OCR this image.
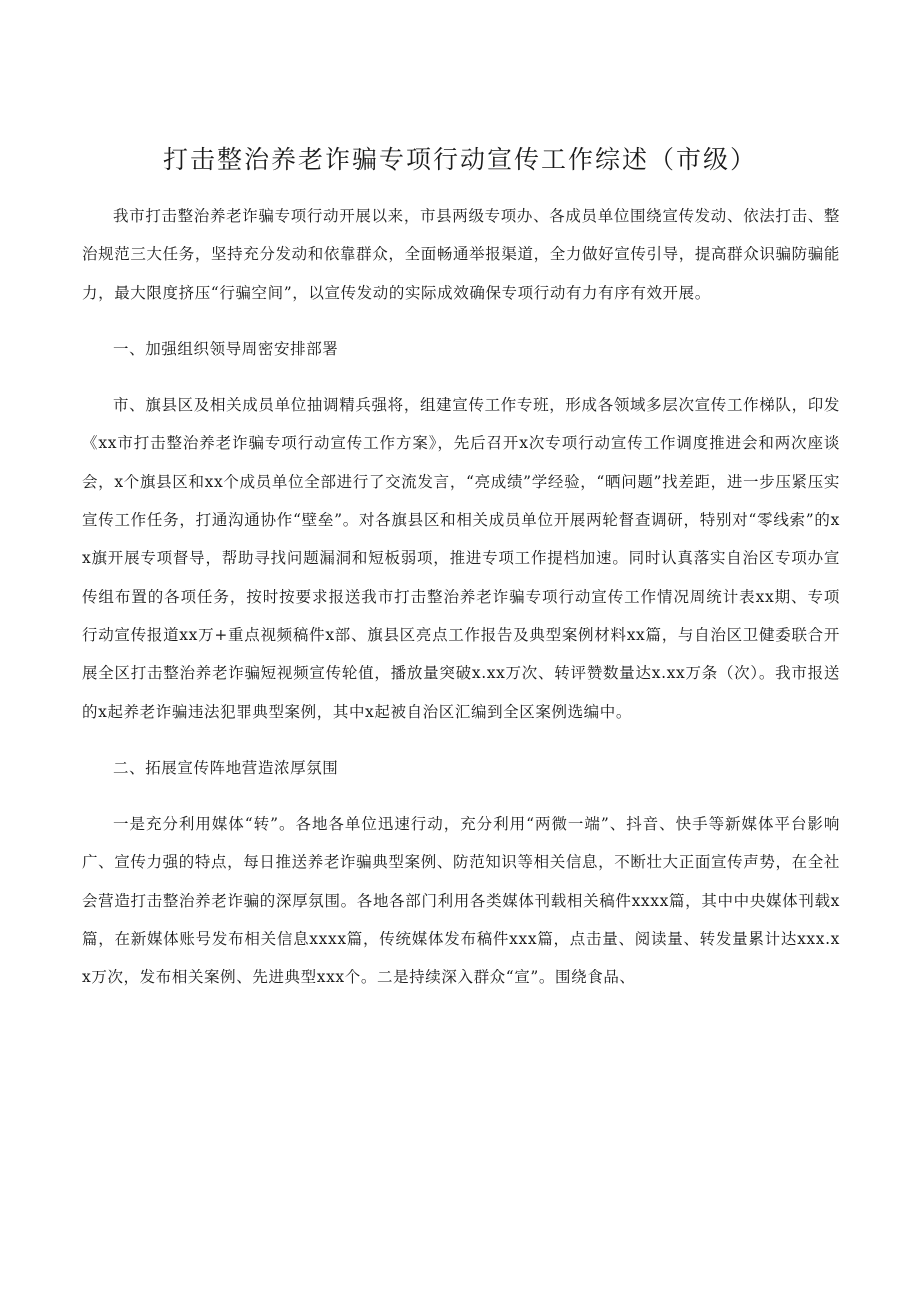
打击整治养老诈骗专项行动宣传工作综述（市级）

我市打击整治养老诈骗专项行动开展以来，市县两级专项办、各成员单位围绕宣传发动、依法打击、整治规范三大任务，坚持充分发动和依靠群众，全面畅通举报渠道，全力做好宣传引导，提高群众识骗防骗能力，最大限度挤压“行骗空间”，以宣传发动的实际成效确保专项行动有力有序有效开展。

一、加强组织领导周密安排部署

市、旗县区及相关成员单位抽调精兵强将，组建宣传工作专班，形成各领域多层次宣传工作梯队，印发《xx市打击整治养老诈骗专项行动宣传工作方案》，先后召开x次专项行动宣传工作调度推进会和两次座谈会，x个旗县区和xx个成员单位全部进行了交流发言，“亮成绩”学经验，“晒问题”找差距，进一步压紧压实宣传工作任务，打通沟通协作“壁垒”。对各旗县区和相关成员单位开展两轮督查调研，特别对“零线索”的xx旗开展专项督导，帮助寻找问题漏洞和短板弱项，推进专项工作提档加速。同时认真落实自治区专项办宣传组布置的各项任务，按时按要求报送我市打击整治养老诈骗专项行动宣传工作情况周统计表xx期、专项行动宣传报道xx万+重点视频稿件x部、旗县区亮点工作报告及典型案例材料xx篇，与自治区卫健委联合开展全区打击整治养老诈骗短视频宣传轮值，播放量突破x.xx万次、转评赞数量达x.xx万条（次）。我市报送的x起养老诈骗违法犯罪典型案例，其中x起被自治区汇编到全区案例选编中。

二、拓展宣传阵地营造浓厚氛围

一是充分利用媒体“转”。各地各单位迅速行动，充分利用“两微一端”、抖音、快手等新媒体平台影响广、宣传力强的特点，每日推送养老诈骗典型案例、防范知识等相关信息，不断壮大正面宣传声势，在全社会营造打击整治养老诈骗的深厚氛围。各地各部门利用各类媒体刊载相关稿件xxxx篇，其中中央媒体刊载x篇，在新媒体账号发布相关信息xxxx篇，传统媒体发布稿件xxx篇，点击量、阅读量、转发量累计达xxx.xx万次，发布相关案例、先进典型xxx个。二是持续深入群众“宣”。围绕食品、
